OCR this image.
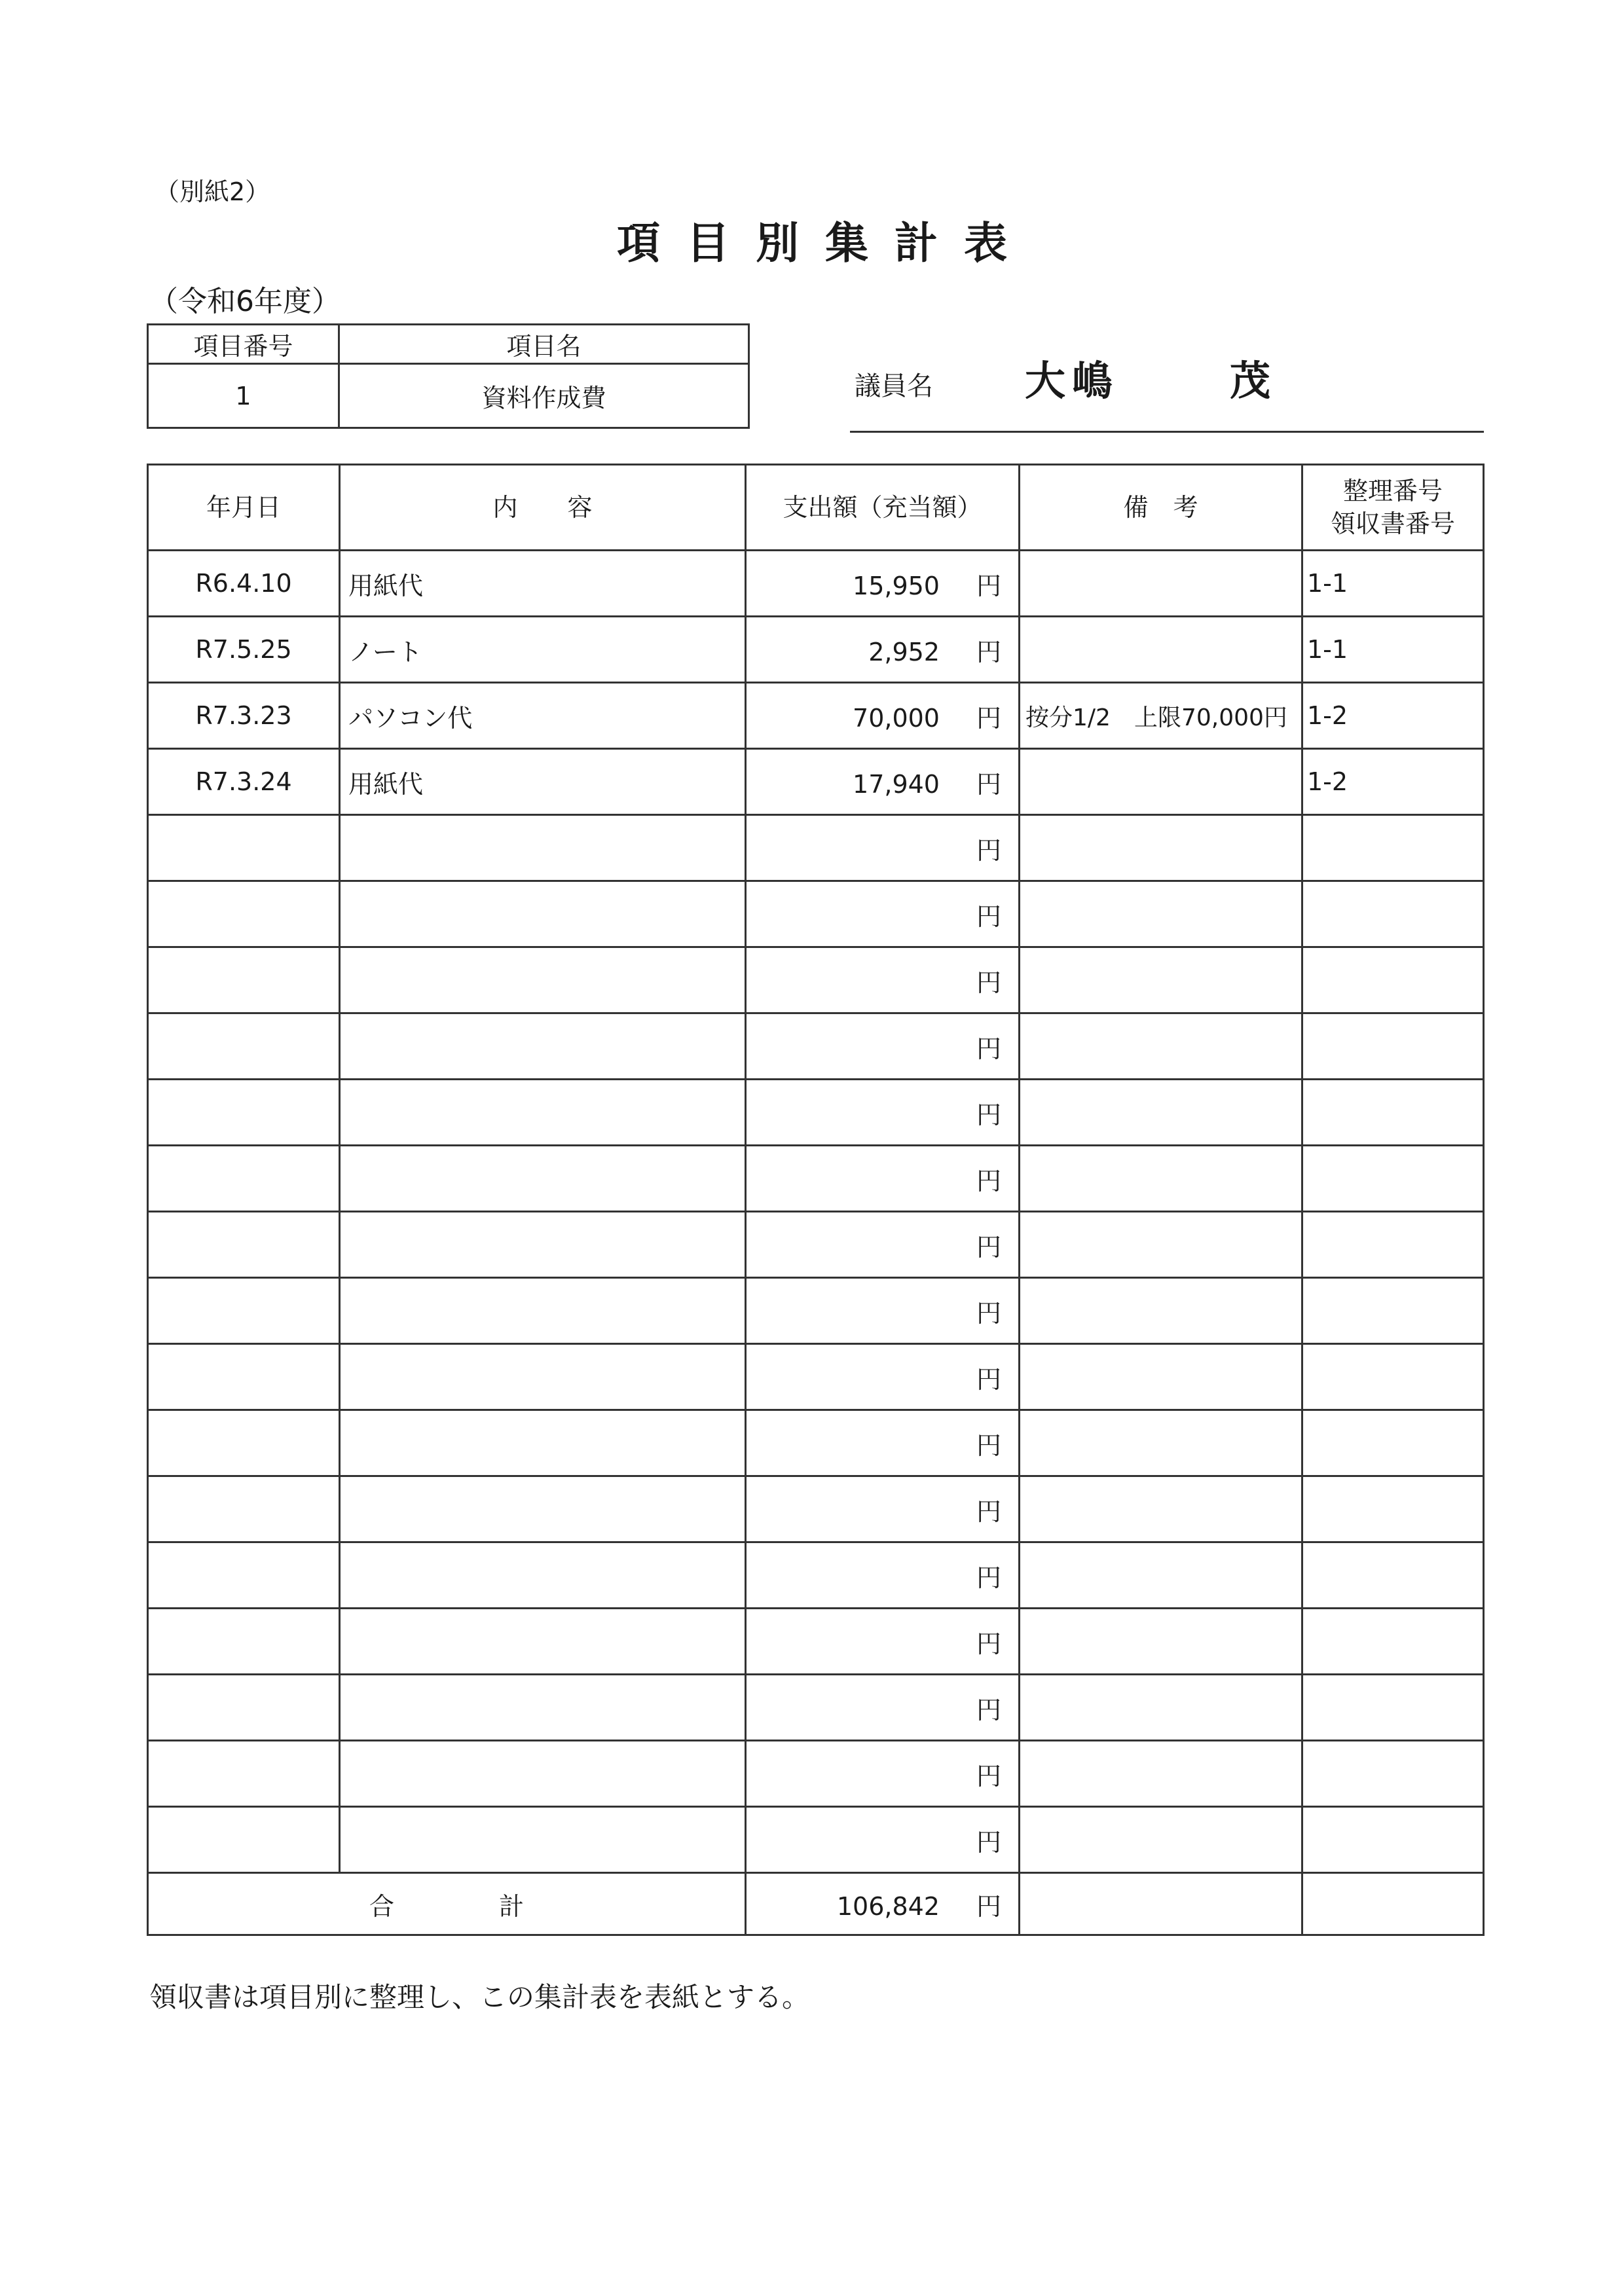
（別紙2）
項目別集計表
（令和6年度）
項目番号	項目名
1	資料作成費	議員名 大嶋	茂
年月日	内　　容	支出額（充当額）	備　考	整理番号
領収書番号

R6.4.10	用紙代	15,950 円		1-1
R7.5.25	ノート	2,952 円		1-1
R7.3.23	パソコン代	70,000 円	按分1/2　上限70,000円	1-2
R7.3.24	用紙代	17,940 円		1-2
		円		
		円		
		円		
		円		
		円		
		円		
		円		
		円		
		円		
		円		
		円		
		円		
		円		
		円		
		円		
		円		
合計		106,842 円		
領収書は項目別に整理し、この集計表を表紙とする。
